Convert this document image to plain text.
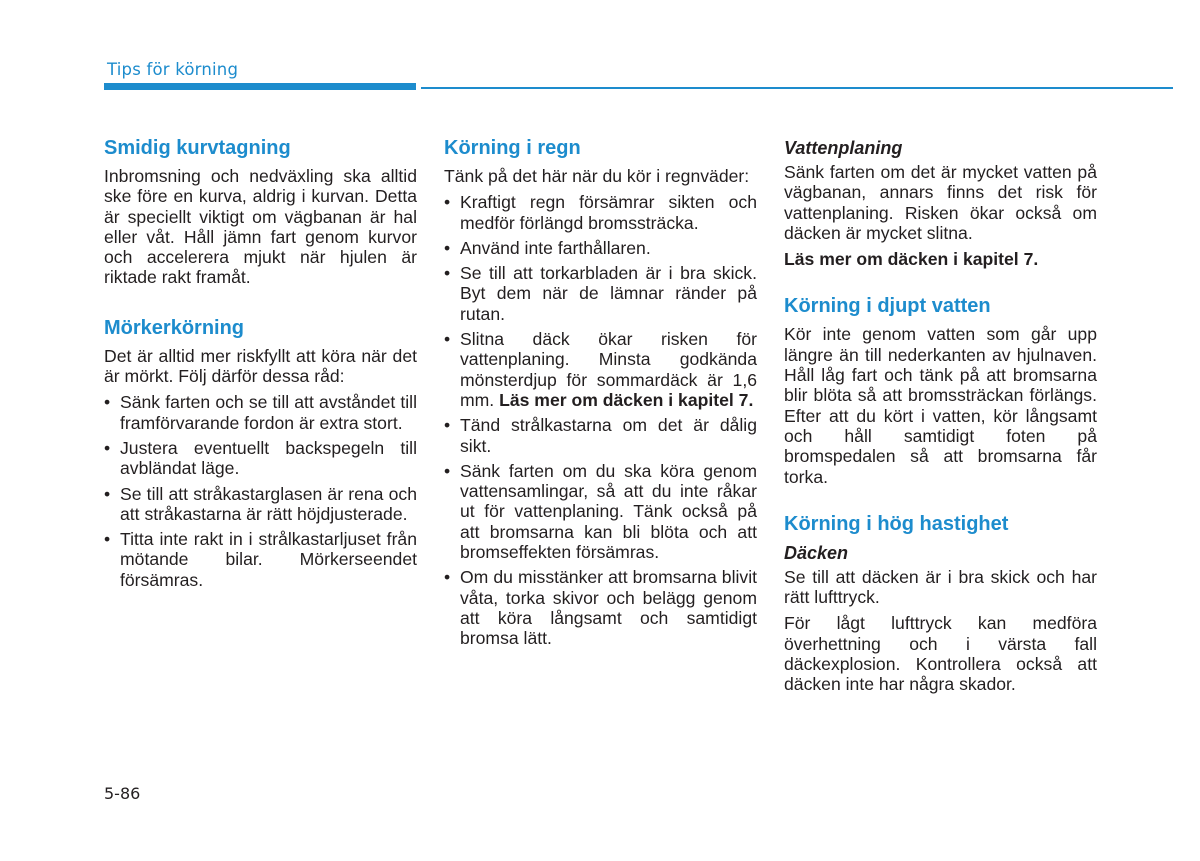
Tips för körning
Smidig kurvtagning

Inbromsning och nedväxling ska alltid ske före en kurva, aldrig i kurvan. Detta är speciellt viktigt om vägbanan är hal eller våt. Håll jämn fart genom kurvor och accelerera mjukt när hjulen är riktade rakt framåt.

Mörkerkörning

Det är alltid mer riskfyllt att köra när det är mörkt. Följ därför dessa råd:

• Sänk farten och se till att avståndet till framförvarande fordon är extra stort.
• Justera eventuellt backspegeln till avbländat läge.
• Se till att stråkastarglasen är rena och att stråkastarna är rätt höjdjusterade.
• Titta inte rakt in i strålkastarljuset från mötande bilar. Mörkerseendet försämras.
Körning i regn

Tänk på det här när du kör i regnväder:

• Kraftigt regn försämrar sikten och medför förlängd bromssträcka.
• Använd inte farthållaren.
• Se till att torkarbladen är i bra skick. Byt dem när de lämnar ränder på rutan.
• Slitna däck ökar risken för vattenplaning. Minsta godkända mönsterdjup för sommardäck är 1,6 mm. Läs mer om däcken i kapitel 7.
• Tänd strålkastarna om det är dålig sikt.
• Sänk farten om du ska köra genom vattensamlingar, så att du inte råkar ut för vattenplaning. Tänk också på att bromsarna kan bli blöta och att bromseffekten försämras.
• Om du misstänker att bromsarna blivit våta, torka skivor och belägg genom att köra långsamt och samtidigt bromsa lätt.
Vattenplaning

Sänk farten om det är mycket vatten på vägbanan, annars finns det risk för vattenplaning. Risken ökar också om däcken är mycket slitna.

Läs mer om däcken i kapitel 7.

Körning i djupt vatten

Kör inte genom vatten som går upp längre än till nederkanten av hjulnaven. Håll låg fart och tänk på att bromsarna blir blöta så att bromssträckan förlängs. Efter att du kört i vatten, kör långsamt och håll samtidigt foten på bromspedalen så att bromsarna får torka.

Körning i hög hastighet
Däcken

Se till att däcken är i bra skick och har rätt lufttryck.

För lågt lufttryck kan medföra överhettning och i värsta fall däckexplosion. Kontrollera också att däcken inte har några skador.

5-86
